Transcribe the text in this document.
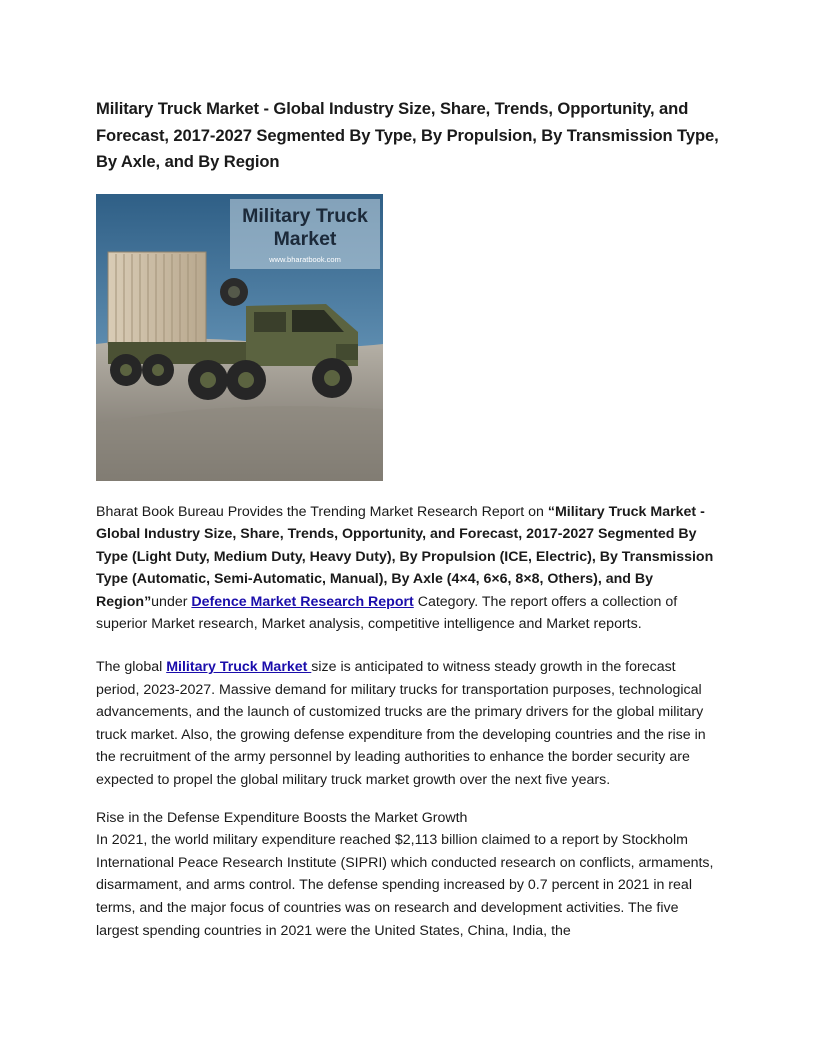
Military Truck Market - Global Industry Size, Share, Trends, Opportunity, and Forecast, 2017-2027 Segmented By Type, By Propulsion, By Transmission Type, By Axle, and By Region
Military Truck
Market
www.bharatbook.com

Bharat Book Bureau Provides the Trending Market Research Report on “Military Truck Market - Global Industry Size, Share, Trends, Opportunity, and Forecast, 2017-2027 Segmented By Type (Light Duty, Medium Duty, Heavy Duty), By Propulsion (ICE, Electric), By Transmission Type (Automatic, Semi-Automatic, Manual), By Axle (4×4, 6×6, 8×8, Others), and By Region”under Defence Market Research Report Category. The report offers a collection of superior Market research, Market analysis, competitive intelligence and Market reports.

The global Military Truck Market size is anticipated to witness steady growth in the forecast period, 2023-2027. Massive demand for military trucks for transportation purposes, technological advancements, and the launch of customized trucks are the primary drivers for the global military truck market. Also, the growing defense expenditure from the developing countries and the rise in the recruitment of the army personnel by leading authorities to enhance the border security are expected to propel the global military truck market growth over the next five years.

Rise in the Defense Expenditure Boosts the Market Growth
In 2021, the world military expenditure reached $2,113 billion claimed to a report by Stockholm International Peace Research Institute (SIPRI) which conducted research on conflicts, armaments, disarmament, and arms control. The defense spending increased by 0.7 percent in 2021 in real terms, and the major focus of countries was on research and development activities. The five largest spending countries in 2021 were the United States, China, India, the
